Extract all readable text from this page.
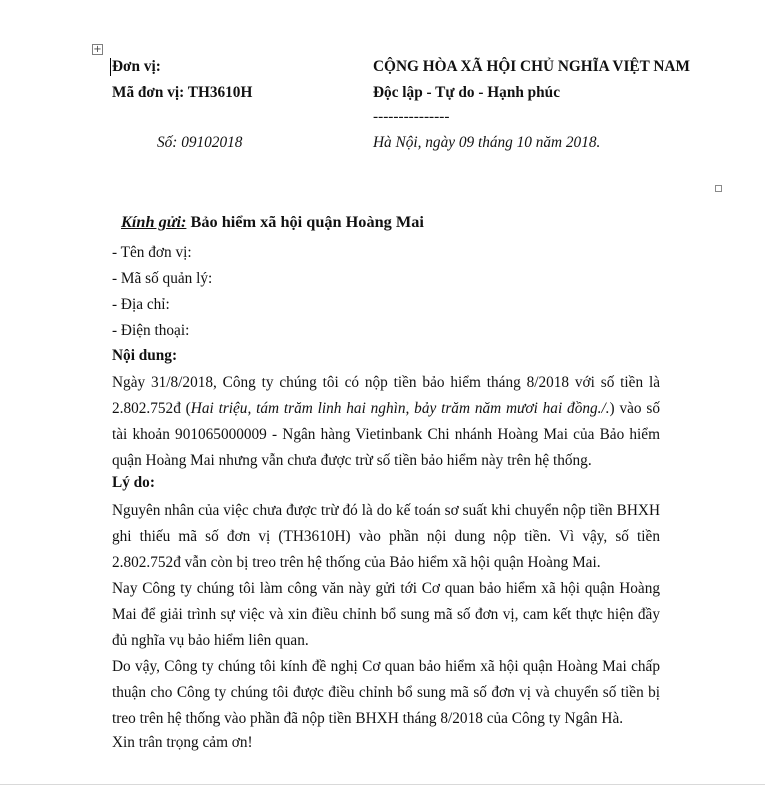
+
Đơn vị:
Mã đơn vị: TH3610H
Số: 09102018
CỘNG HÒA XÃ HỘI CHỦ NGHĨA VIỆT NAM
Độc lập - Tự do - Hạnh phúc
---------------
Hà Nội, ngày 09 tháng 10 năm 2018.
Kính gửi: Bảo hiểm xã hội quận Hoàng Mai
- Tên đơn vị:
- Mã số quản lý:
- Địa chỉ:
- Điện thoại:
Nội dung:
Ngày 31/8/2018, Công ty chúng tôi có nộp tiền bảo hiểm tháng 8/2018 với số tiền là
2.802.752đ (Hai triệu, tám trăm linh hai nghìn, bảy trăm năm mươi hai đồng./.) vào số
tài khoản 901065000009 - Ngân hàng Vietinbank Chi nhánh Hoàng Mai của Bảo hiểm
quận Hoàng Mai nhưng vẫn chưa được trừ số tiền bảo hiểm này trên hệ thống.
Lý do:
Nguyên nhân của việc chưa được trừ đó là do kế toán sơ suất khi chuyển nộp tiền BHXH
ghi thiếu mã số đơn vị (TH3610H) vào phần nội dung nộp tiền. Vì vậy, số tiền
2.802.752đ vẫn còn bị treo trên hệ thống của Bảo hiểm xã hội quận Hoàng Mai.
Nay Công ty chúng tôi làm công văn này gửi tới Cơ quan bảo hiểm xã hội quận Hoàng
Mai để giải trình sự việc và xin điều chỉnh bổ sung mã số đơn vị, cam kết thực hiện đầy
đủ nghĩa vụ bảo hiểm liên quan.
Do vậy, Công ty chúng tôi kính đề nghị Cơ quan bảo hiểm xã hội quận Hoàng Mai chấp
thuận cho Công ty chúng tôi được điều chỉnh bổ sung mã số đơn vị và chuyển số tiền bị
treo trên hệ thống vào phần đã nộp tiền BHXH tháng 8/2018 của Công ty Ngân Hà.
Xin trân trọng cảm ơn!
